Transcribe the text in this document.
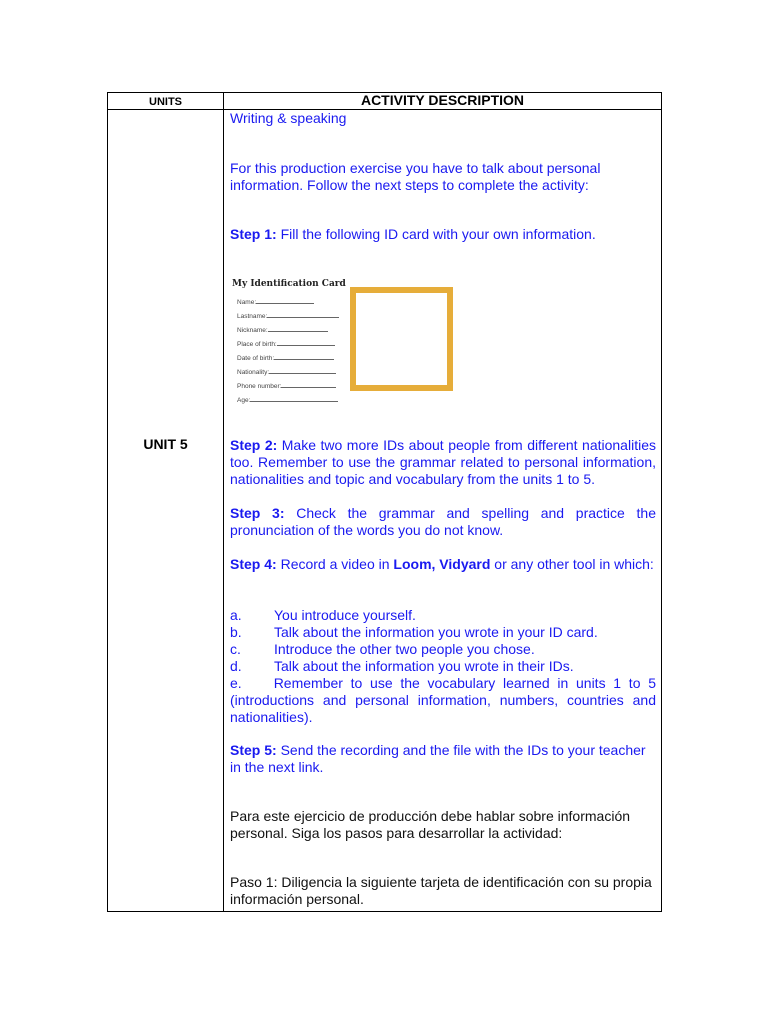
UNITS	ACTIVITY DESCRIPTION
UNIT 5

Writing & speaking

For this production exercise you have to talk about personal information. Follow the next steps to complete the activity:

Step 1: Fill the following ID card with your own information.

My Identification Card
Name:
Lastname:
Nickname:
Place of birth:
Date of birth:
Nationality:
Phone number:
Age:

Step 2: Make two more IDs about people from different nationalities too. Remember to use the grammar related to personal information, nationalities and topic and vocabulary from the units 1 to 5.

Step 3: Check the grammar and spelling and practice the pronunciation of the words you do not know.

Step 4: Record a video in Loom, Vidyard or any other tool in which:

a.	You introduce yourself.
b.	Talk about the information you wrote in your ID card.
c.	Introduce the other two people you chose.
d.	Talk about the information you wrote in their IDs.

e. Remember to use the vocabulary learned in units 1 to 5 (introductions and personal information, numbers, countries and nationalities).

Step 5: Send the recording and the file with the IDs to your teacher in the next link.

Para este ejercicio de producción debe hablar sobre información personal. Siga los pasos para desarrollar la actividad:

Paso 1: Diligencia la siguiente tarjeta de identificación con su propia información personal.
